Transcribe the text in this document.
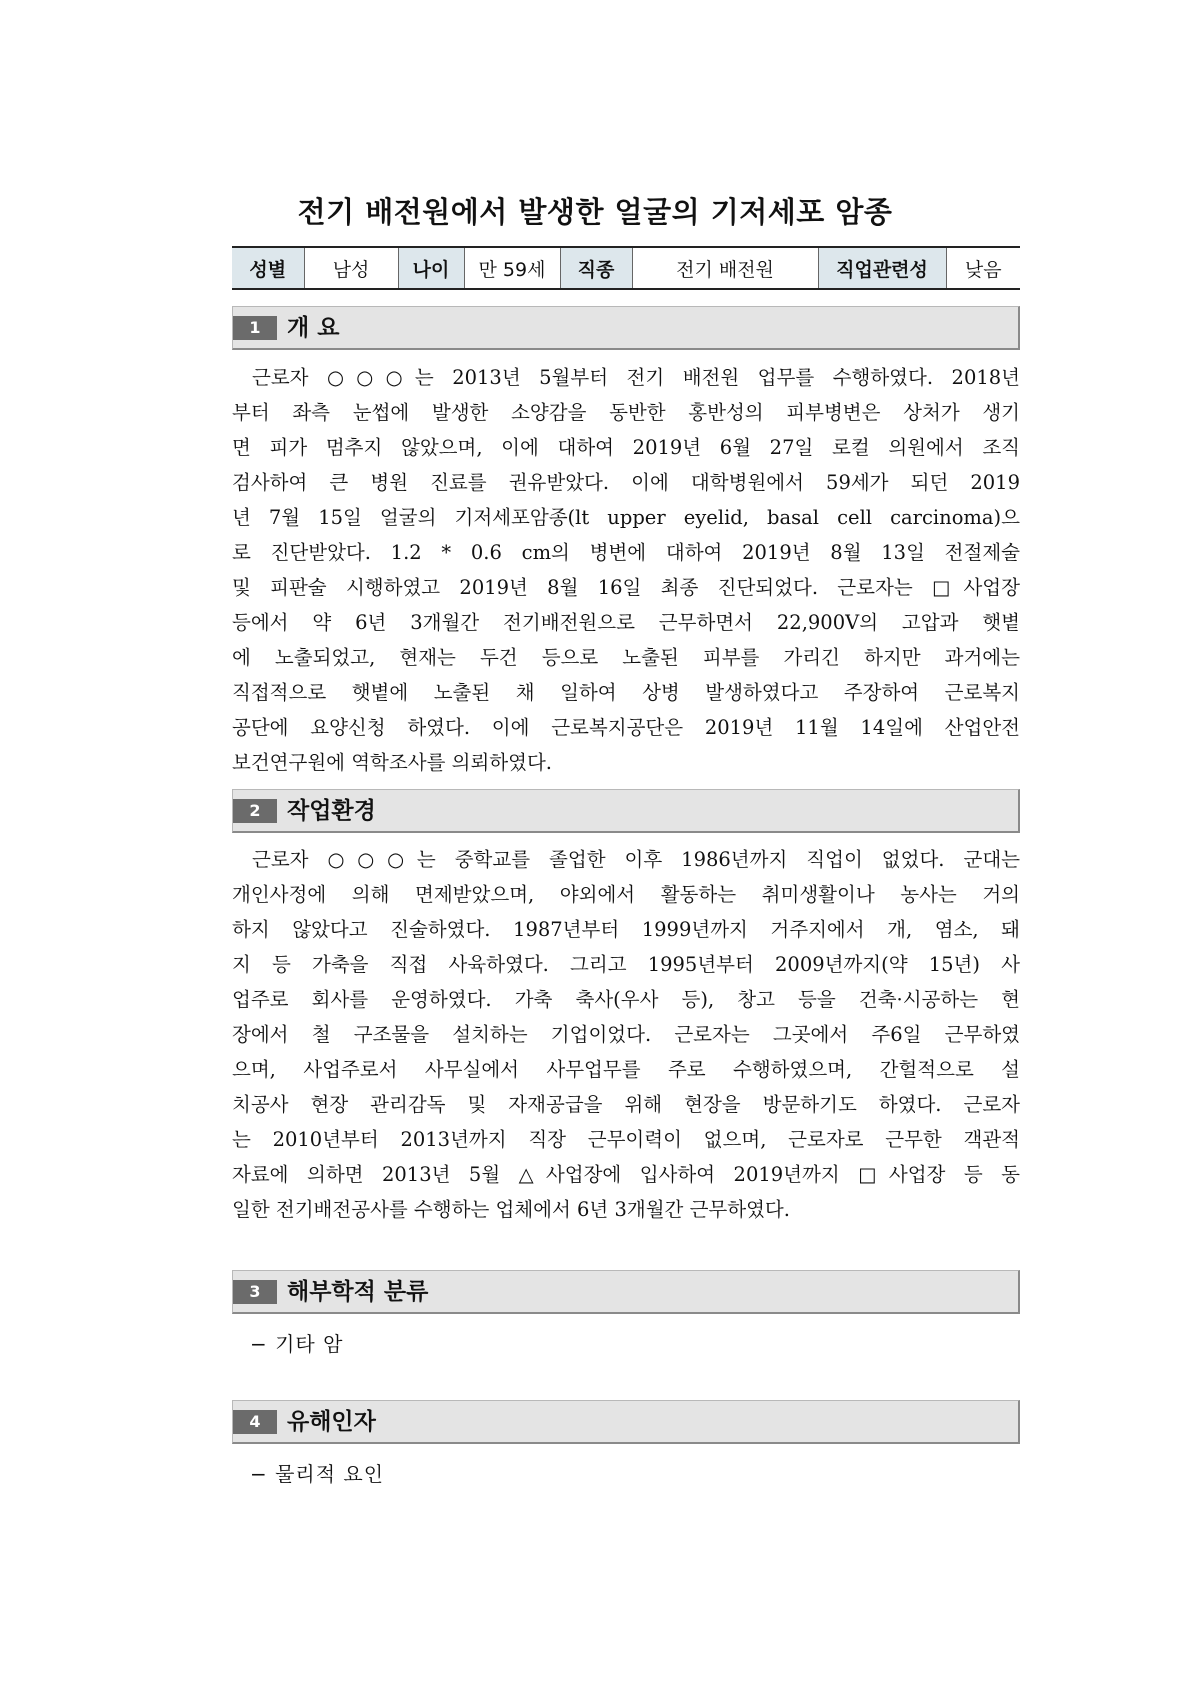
전기 배전원에서 발생한 얼굴의 기저세포 암종
성별	남성	나이	만 59세	직종	전기 배전원	직업관련성	낮음
1	개 요
근로자 ○○○는 2013년 5월부터 전기 배전원 업무를 수행하였다. 2018년
부터 좌측 눈썹에 발생한 소양감을 동반한 홍반성의 피부병변은 상처가 생기
면 피가 멈추지 않았으며, 이에 대하여 2019년 6월 27일 로컬 의원에서 조직
검사하여 큰 병원 진료를 권유받았다. 이에 대학병원에서 59세가 되던 2019
년 7월 15일 얼굴의 기저세포암종(lt upper eyelid, basal cell carcinoma)으
로 진단받았다. 1.2 * 0.6 cm의 병변에 대하여 2019년 8월 13일 전절제술
및 피판술 시행하였고 2019년 8월 16일 최종 진단되었다. 근로자는 □사업장
등에서 약 6년 3개월간 전기배전원으로 근무하면서 22,900V의 고압과 햇볕
에 노출되었고, 현재는 두건 등으로 노출된 피부를 가리긴 하지만 과거에는
직접적으로 햇볕에 노출된 채 일하여 상병 발생하였다고 주장하여 근로복지
공단에 요양신청 하였다. 이에 근로복지공단은 2019년 11월 14일에 산업안전
보건연구원에 역학조사를 의뢰하였다.
2	작업환경
근로자 ○○○는 중학교를 졸업한 이후 1986년까지 직업이 없었다. 군대는
개인사정에 의해 면제받았으며, 야외에서 활동하는 취미생활이나 농사는 거의
하지 않았다고 진술하였다. 1987년부터 1999년까지 거주지에서 개, 염소, 돼
지 등 가축을 직접 사육하였다. 그리고 1995년부터 2009년까지(약 15년) 사
업주로 회사를 운영하였다. 가축 축사(우사 등), 창고 등을 건축·시공하는 현
장에서 철 구조물을 설치하는 기업이었다. 근로자는 그곳에서 주6일 근무하였
으며, 사업주로서 사무실에서 사무업무를 주로 수행하였으며, 간헐적으로 설
치공사 현장 관리감독 및 자재공급을 위해 현장을 방문하기도 하였다. 근로자
는 2010년부터 2013년까지 직장 근무이력이 없으며, 근로자로 근무한 객관적
자료에 의하면 2013년 5월 △사업장에 입사하여 2019년까지 □사업장 등 동
일한 전기배전공사를 수행하는 업체에서 6년 3개월간 근무하였다.
3	해부학적 분류
− 기타 암
4	유해인자
− 물리적 요인
